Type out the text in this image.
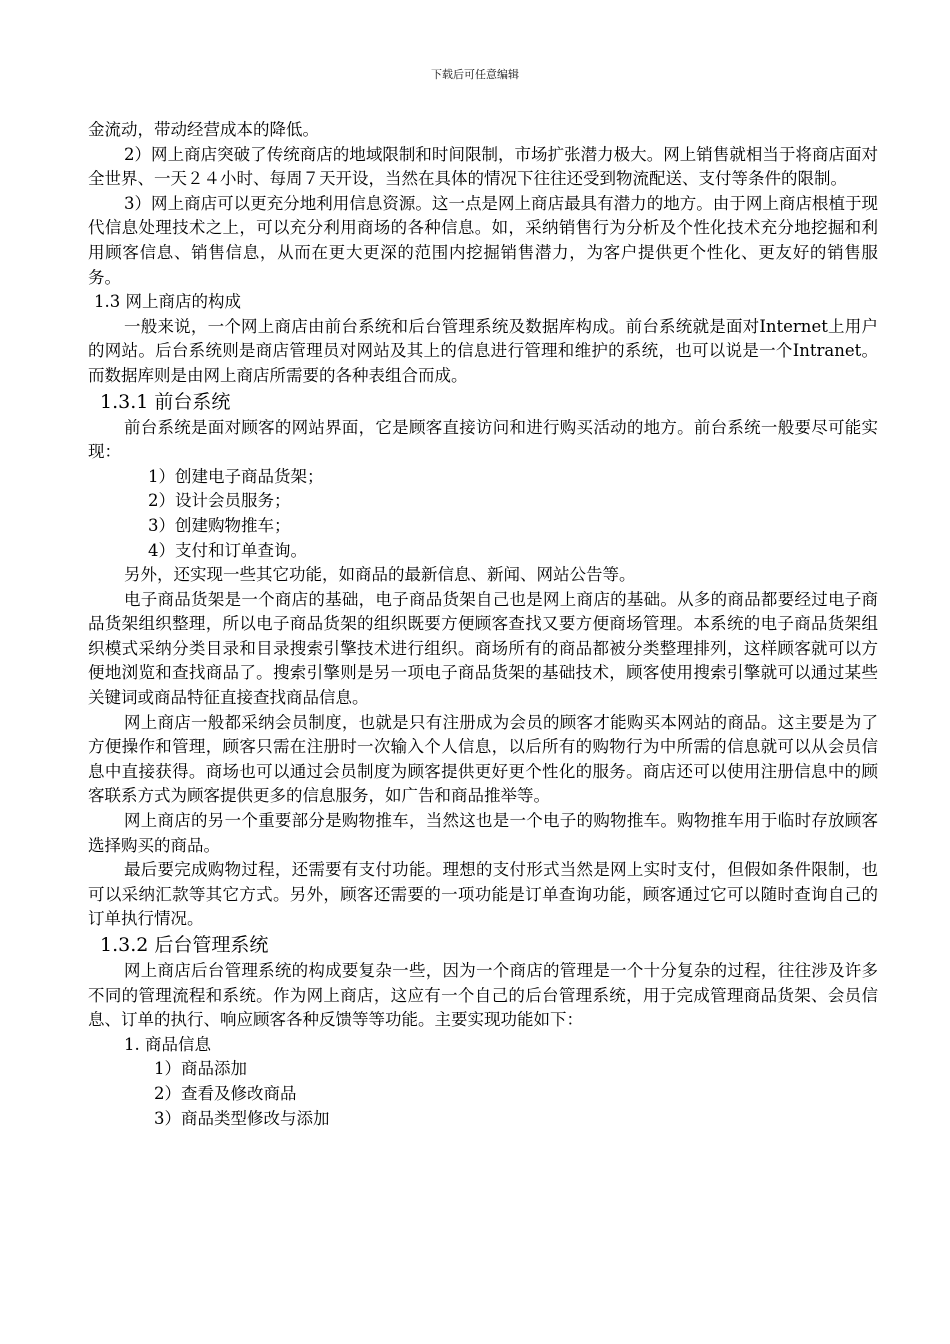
下载后可任意编辑

金流动，带动经营成本的降低。

2）网上商店突破了传统商店的地域限制和时间限制，市场扩张潜力极大。网上销售就相当于将商店面对全世界、一天２４小时、每周７天开设，当然在具体的情况下往往还受到物流配送、支付等条件的限制。

3）网上商店可以更充分地利用信息资源。这一点是网上商店最具有潜力的地方。由于网上商店根植于现代信息处理技术之上，可以充分利用商场的各种信息。如，采纳销售行为分析及个性化技术充分地挖掘和利用顾客信息、销售信息，从而在更大更深的范围内挖掘销售潜力，为客户提供更个性化、更友好的销售服务。

1.3 网上商店的构成

一般来说，一个网上商店由前台系统和后台管理系统及数据库构成。前台系统就是面对Internet上用户的网站。后台系统则是商店管理员对网站及其上的信息进行管理和维护的系统，也可以说是一个Intranet。而数据库则是由网上商店所需要的各种表组合而成。

1.3.1 前台系统

前台系统是面对顾客的网站界面，它是顾客直接访问和进行购买活动的地方。前台系统一般要尽可能实现：

1）创建电子商品货架；
2）设计会员服务；
3）创建购物推车；
4）支付和订单查询。

另外，还实现一些其它功能，如商品的最新信息、新闻、网站公告等。

电子商品货架是一个商店的基础，电子商品货架自己也是网上商店的基础。从多的商品都要经过电子商品货架组织整理，所以电子商品货架的组织既要方便顾客查找又要方便商场管理。本系统的电子商品货架组织模式采纳分类目录和目录搜索引擎技术进行组织。商场所有的商品都被分类整理排列，这样顾客就可以方便地浏览和查找商品了。搜索引擎则是另一项电子商品货架的基础技术，顾客使用搜索引擎就可以通过某些关键词或商品特征直接查找商品信息。

网上商店一般都采纳会员制度，也就是只有注册成为会员的顾客才能购买本网站的商品。这主要是为了方便操作和管理，顾客只需在注册时一次输入个人信息，以后所有的购物行为中所需的信息就可以从会员信息中直接获得。商场也可以通过会员制度为顾客提供更好更个性化的服务。商店还可以使用注册信息中的顾客联系方式为顾客提供更多的信息服务，如广告和商品推举等。

网上商店的另一个重要部分是购物推车，当然这也是一个电子的购物推车。购物推车用于临时存放顾客选择购买的商品。

最后要完成购物过程，还需要有支付功能。理想的支付形式当然是网上实时支付，但假如条件限制，也可以采纳汇款等其它方式。另外，顾客还需要的一项功能是订单查询功能，顾客通过它可以随时查询自己的订单执行情况。

1.3.2 后台管理系统

网上商店后台管理系统的构成要复杂一些，因为一个商店的管理是一个十分复杂的过程，往往涉及许多不同的管理流程和系统。作为网上商店，这应有一个自己的后台管理系统，用于完成管理商品货架、会员信息、订单的执行、响应顾客各种反馈等等功能。主要实现功能如下：

1. 商品信息

1）商品添加
2）查看及修改商品
3）商品类型修改与添加
